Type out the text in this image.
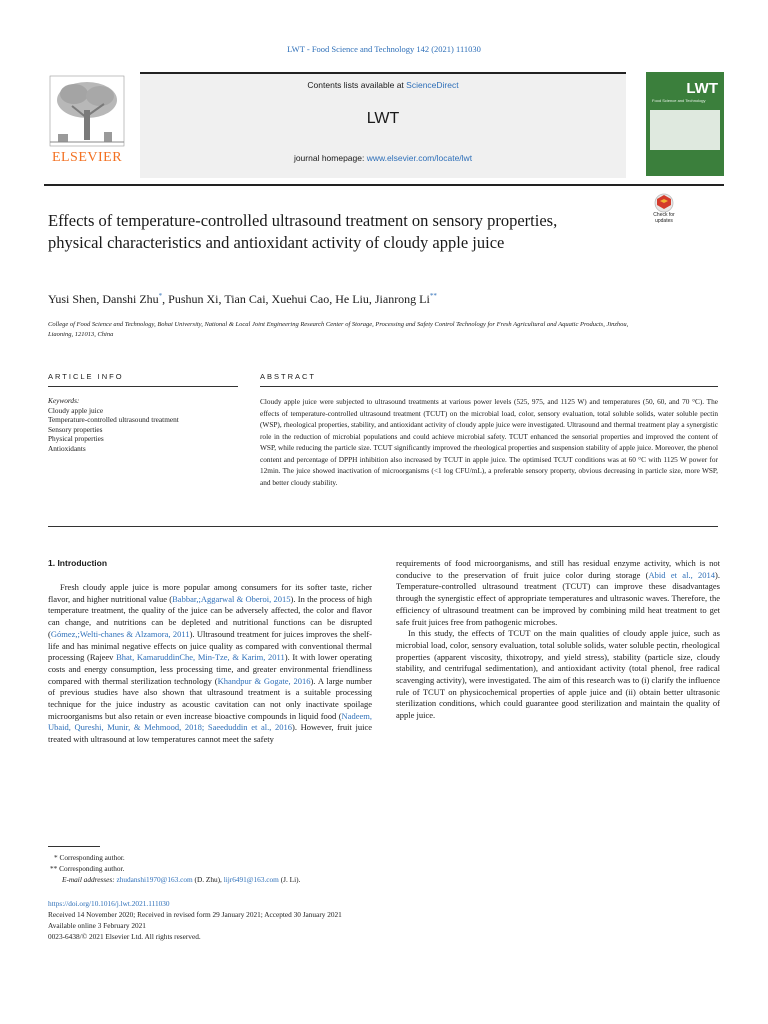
LWT - Food Science and Technology 142 (2021) 111030
ELSEVIER
Contents lists available at ScienceDirect
LWT
journal homepage: www.elsevier.com/locate/lwt
LWT
Food Science and Technology
Effects of temperature-controlled ultrasound treatment on sensory properties, physical characteristics and antioxidant activity of cloudy apple juice
Check for
updates
Yusi Shen, Danshi Zhu*, Pushun Xi, Tian Cai, Xuehui Cao, He Liu, Jianrong Li**
College of Food Science and Technology, Bohai University, National & Local Joint Engineering Research Center of Storage, Processing and Safety Control Technology for Fresh Agricultural and Aquatic Products, Jinzhou, Liaoning, 121013, China
ARTICLE INFO
Keywords:
Cloudy apple juice
Temperature-controlled ultrasound treatment
Sensory properties
Physical properties
Antioxidants
ABSTRACT
Cloudy apple juice were subjected to ultrasound treatments at various power levels (525, 975, and 1125 W) and temperatures (50, 60, and 70 °C). The effects of temperature-controlled ultrasound treatment (TCUT) on the microbial load, color, sensory evaluation, total soluble solids, water soluble pectin (WSP), rheological properties, stability, and antioxidant activity of cloudy apple juice were investigated. Ultrasound and thermal treatment play a synergistic role in the reduction of microbial populations and could achieve microbial safety. TCUT enhanced the sensorial properties and improved the content of WSP, while reducing the particle size. TCUT significantly improved the rheological properties and suspension stability of apple juice. Moreover, the phenol content and percentage of DPPH inhibition also increased by TCUT in apple juice. The optimised TCUT conditions was at 60 °C with 1125 W power for 12min. The juice showed inactivation of microorganisms (<1 log CFU/mL), a preferable sensory property, obvious decreasing in particle size, more WSP, and better cloudy stability.
1. Introduction

Fresh cloudy apple juice is more popular among consumers for its softer taste, richer flavor, and higher nutritional value (Babbar,;Aggarwal & Oberoi, 2015). In the process of high temperature treatment, the quality of the juice can be adversely affected, the color and flavor can change, and nutritions can be depleted and nutritional functions can be disrupted (Gómez,;Welti-chanes & Alzamora, 2011). Ultrasound treatment for juices improves the shelf-life and has minimal negative effects on juice quality as compared with conventional thermal processing (Rajeev Bhat, KamaruddinChe, Min-Tze, & Karim, 2011). It with lower operating costs and energy consumption, less processing time, and greater environmental friendliness compared with thermal sterilization technology (Khandpur & Gogate, 2016). A large number of previous studies have also shown that ultrasound treatment is a suitable processing technique for the juice industry as acoustic cavitation can not only inactivate spoilage microorganisms but also retain or even increase bioactive compounds in liquid food (Nadeem, Ubaid, Qureshi, Munir, & Mehmood, 2018; Saeeduddin et al., 2016). However, fruit juice treated with ultrasound at low temperatures cannot meet the safety

requirements of food microorganisms, and still has residual enzyme activity, which is not conducive to the preservation of fruit juice color during storage (Abid et al., 2014). Temperature-controlled ultrasound treatment (TCUT) can improve these disadvantages through the synergistic effect of appropriate temperatures and ultrasonic waves. Therefore, the efficiency of ultrasound treatment can be improved by combining mild heat treatment to get safe fruit juices free from pathogenic microbes.

In this study, the effects of TCUT on the main qualities of cloudy apple juice, such as microbial load, color, sensory evaluation, total soluble solids, water soluble pectin, rheological properties (apparent viscosity, thixotropy, and yield stress), stability (particle size, cloudy stability, and centrifugal sedimentation), and antioxidant activity (total phenol, free radical scavenging activity), were investigated. The aim of this research was to (i) clarify the influence rule of TCUT on physicochemical properties of apple juice and (ii) obtain better ultrasonic sterilization conditions, which could guarantee good sterilization and maintain the quality of apple juice.

* Corresponding author.
** Corresponding author.
E-mail addresses: zhudanshi1970@163.com (D. Zhu), lijr6491@163.com (J. Li).
https://doi.org/10.1016/j.lwt.2021.111030
Received 14 November 2020; Received in revised form 29 January 2021; Accepted 30 January 2021
Available online 3 February 2021
0023-6438/© 2021 Elsevier Ltd. All rights reserved.
